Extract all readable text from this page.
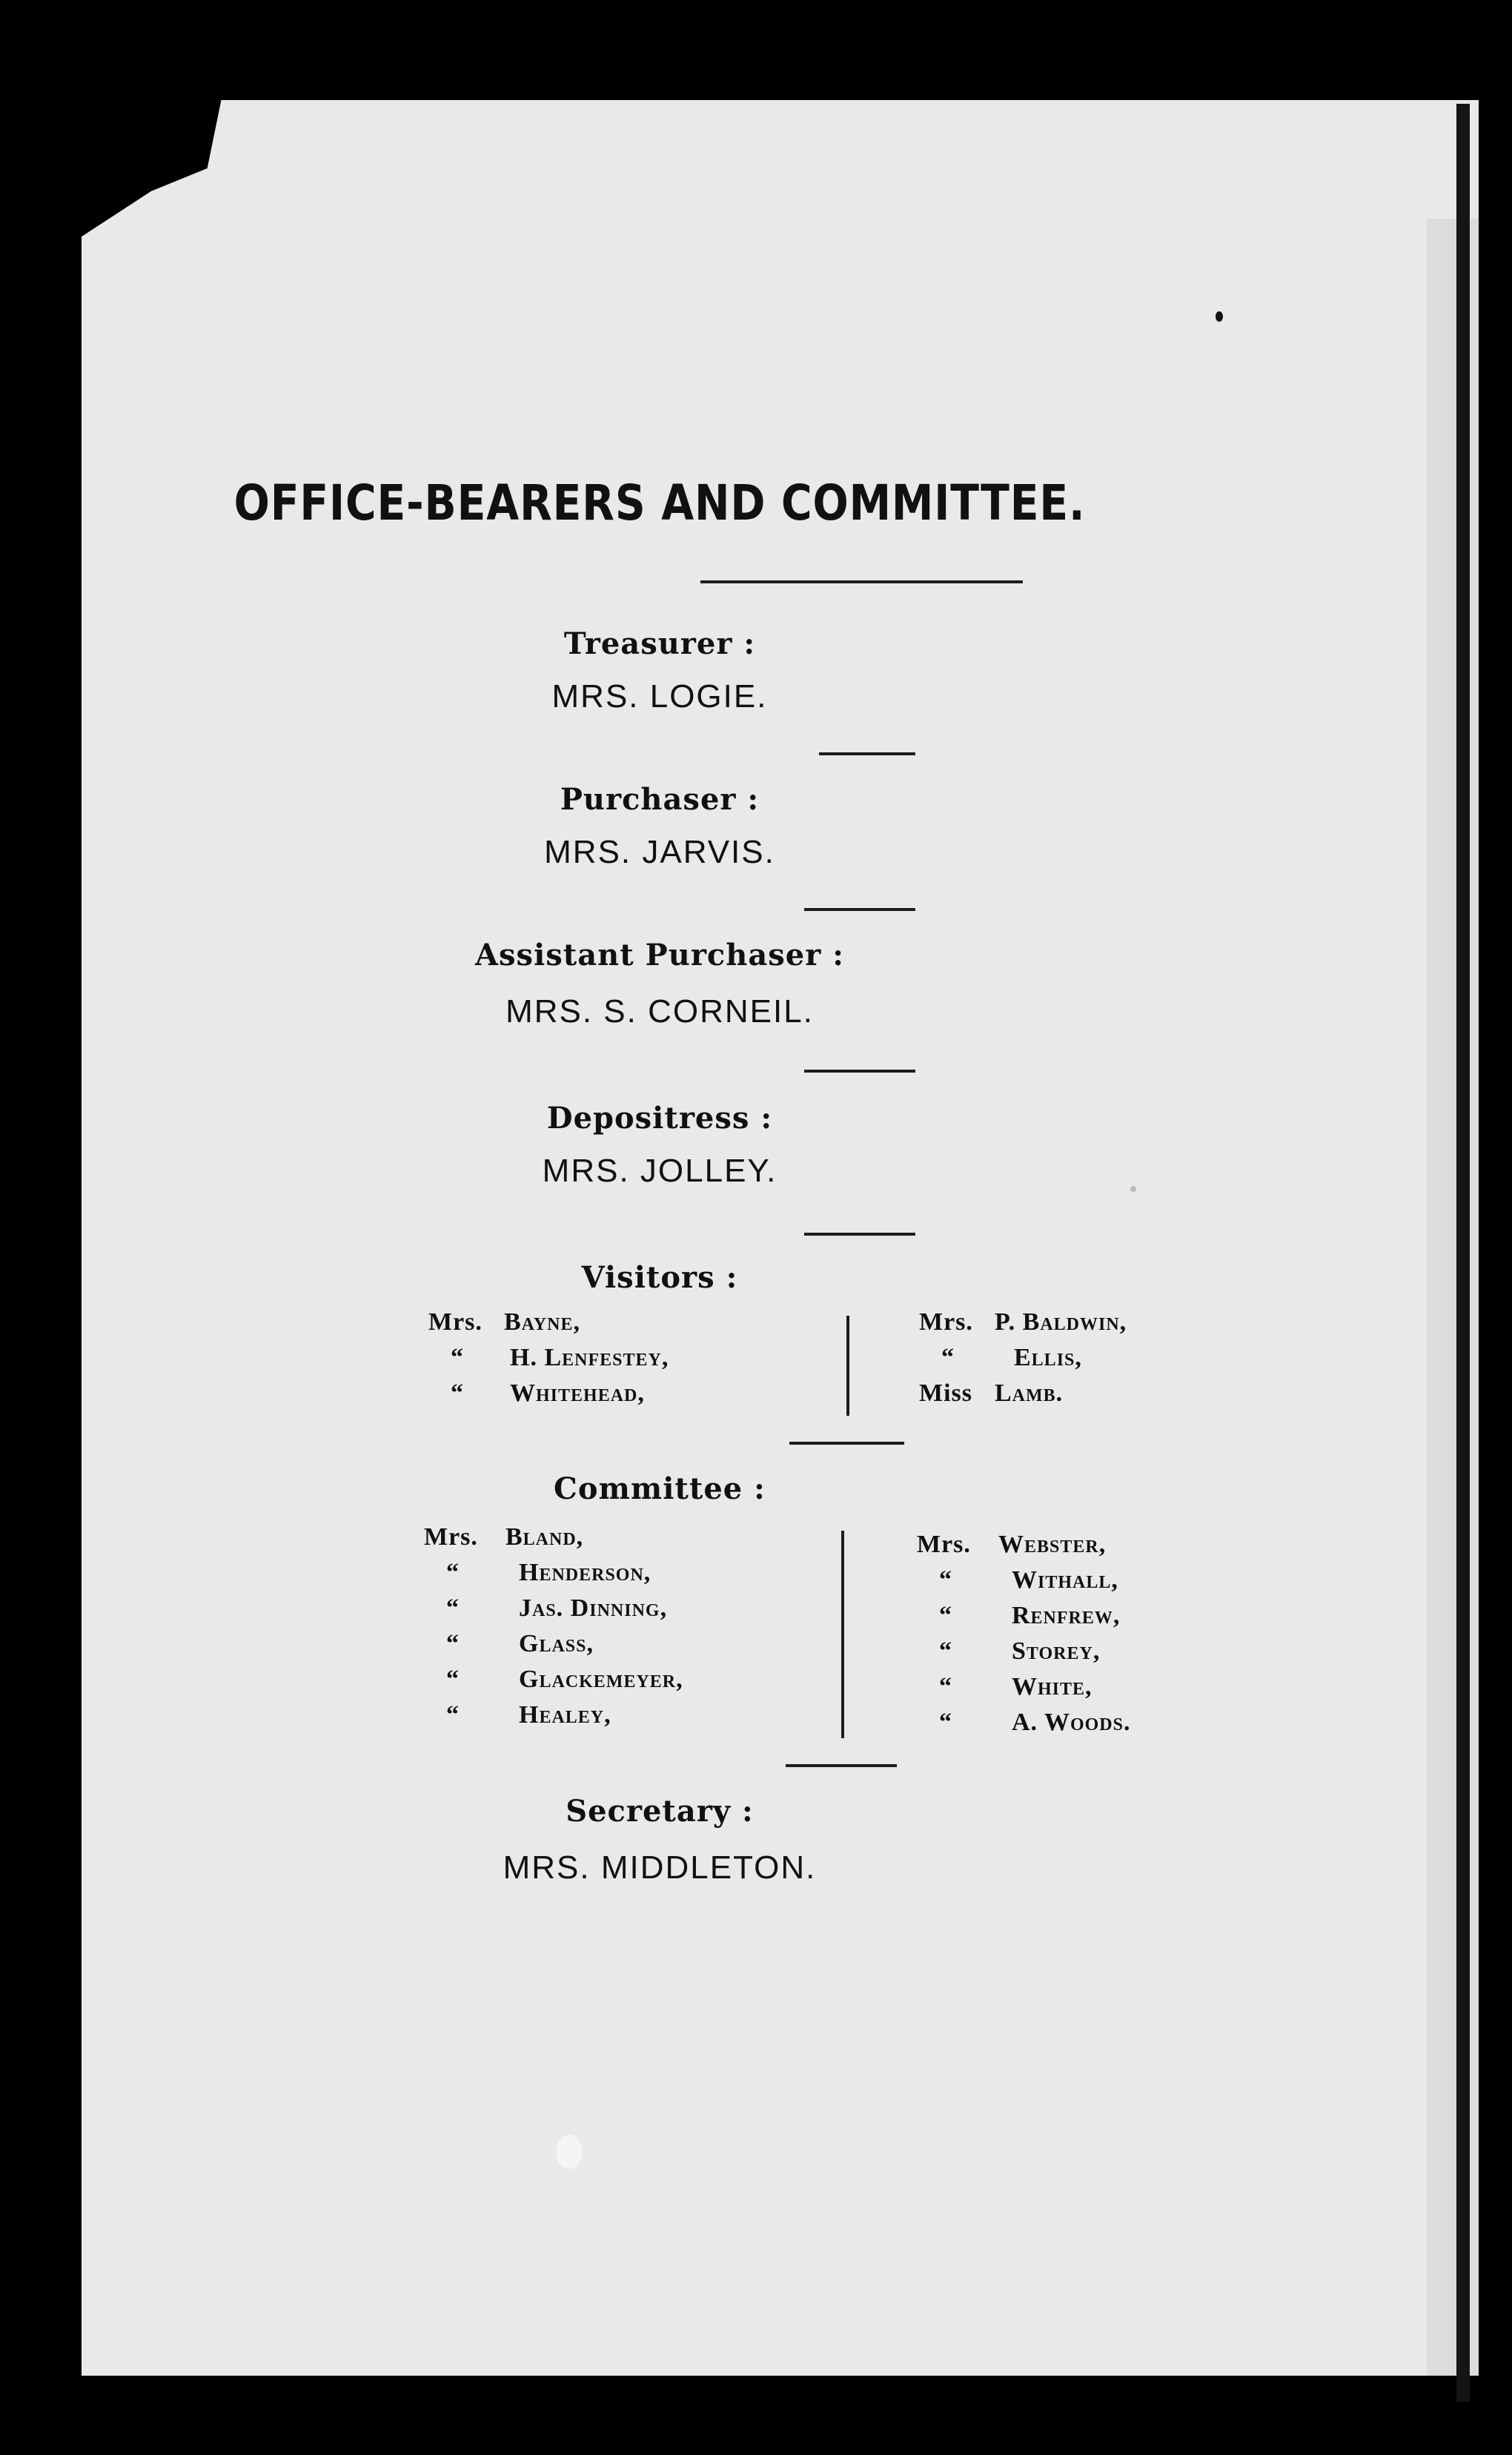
OFFICE-BEARERS AND COMMITTEE.
Treasurer :
MRS. LOGIE.
Purchaser :
MRS. JARVIS.
Assistant Purchaser :
MRS. S. CORNEIL.
Depositress :
MRS. JOLLEY.
Visitors :
Mrs. Bayne,
“	H. Lenfestey,
“	Whitehead,
Mrs. P. Baldwin,
“	Ellis,
Miss Lamb.
Committee :
Mrs.	Bland,
“	Henderson,
“	Jas. Dinning,
“	Glass,
“	Glackemeyer,
“	Healey,
Mrs.	Webster,
“	Withall,
“	Renfrew,
“	Storey,
“	White,
“	A. Woods.
Secretary :
MRS. MIDDLETON.
